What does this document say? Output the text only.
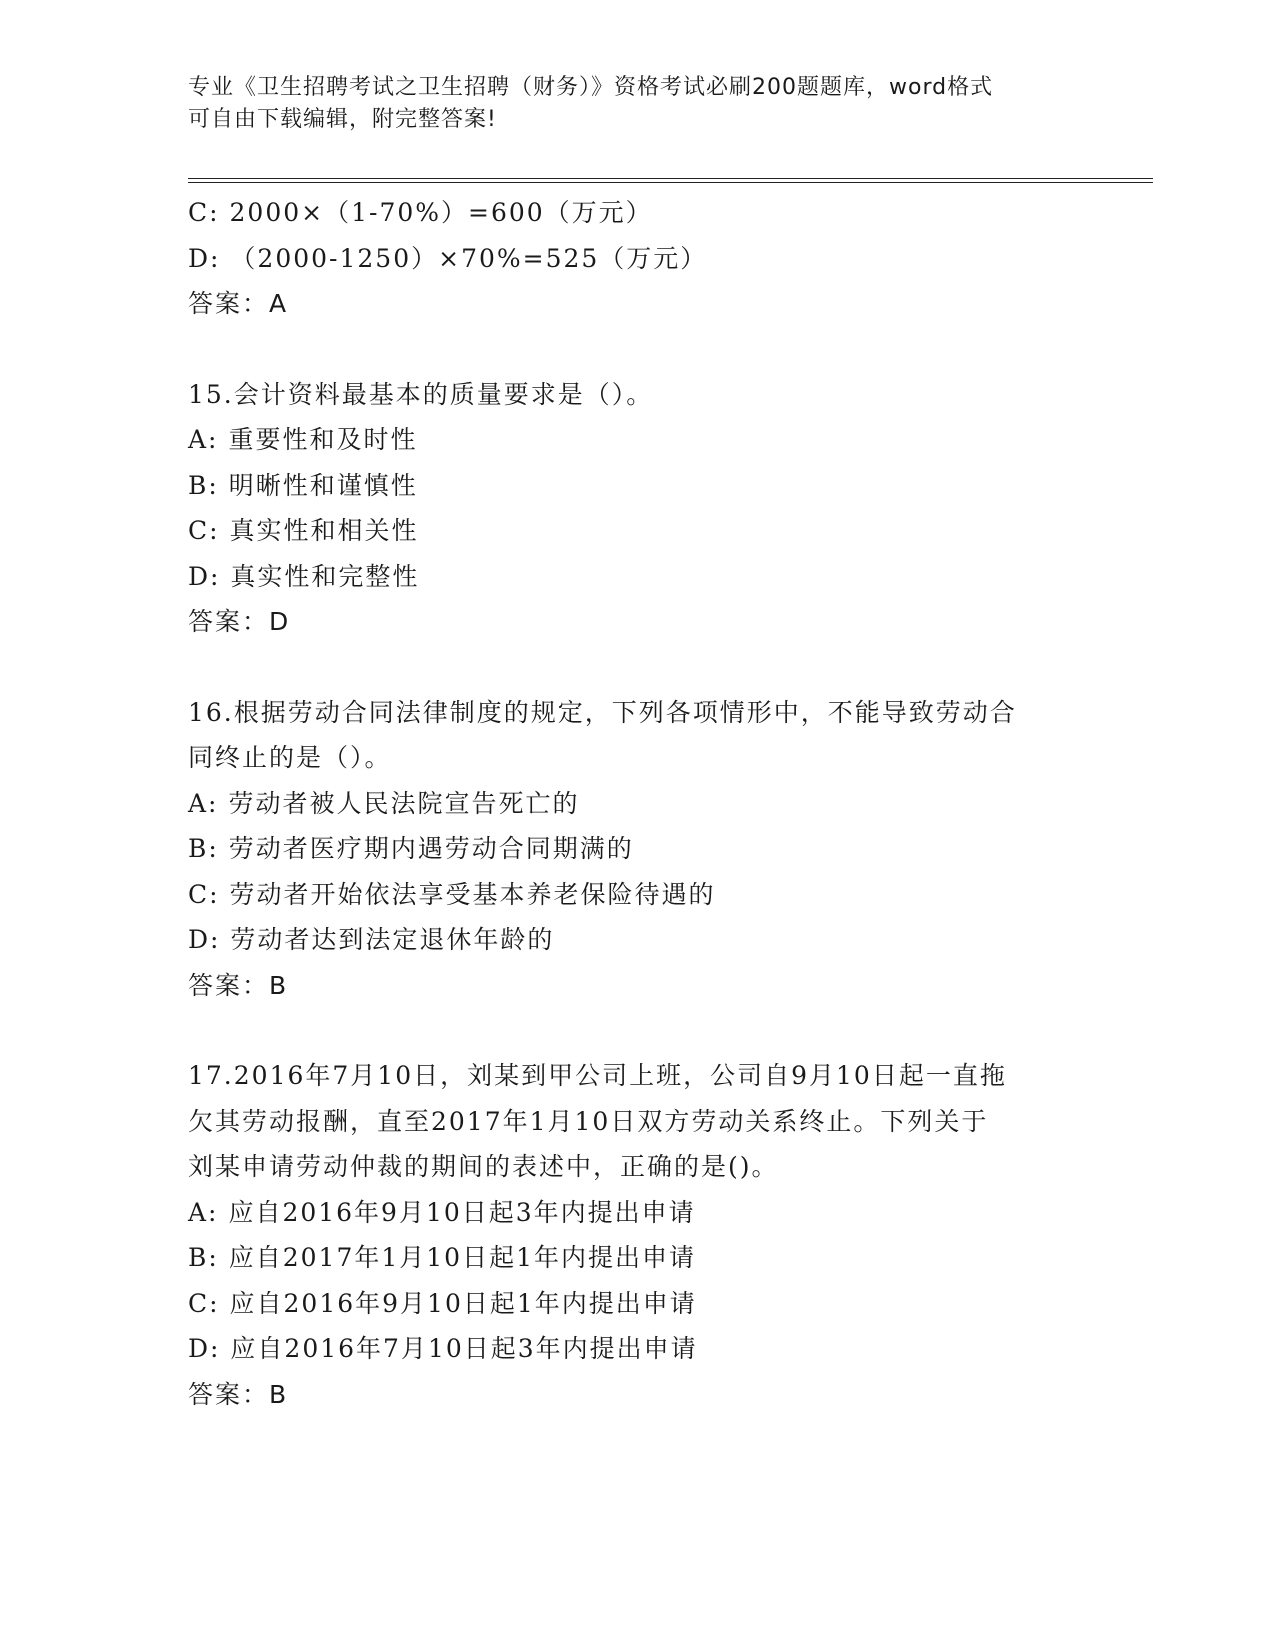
专业《卫生招聘考试之卫生招聘（财务）》资格考试必刷200题题库，word格式
可自由下载编辑，附完整答案!
C: 2000×（1-70%）=600（万元）
D: （2000-1250）×70%=525（万元）
答案：A
15.会计资料最基本的质量要求是（）。
A: 重要性和及时性
B: 明晰性和谨慎性
C: 真实性和相关性
D: 真实性和完整性
答案：D
16.根据劳动合同法律制度的规定，下列各项情形中，不能导致劳动合
同终止的是（）。
A: 劳动者被人民法院宣告死亡的
B: 劳动者医疗期内遇劳动合同期满的
C: 劳动者开始依法享受基本养老保险待遇的
D: 劳动者达到法定退休年龄的
答案：B
17.2016年7月10日，刘某到甲公司上班，公司自9月10日起一直拖
欠其劳动报酬，直至2017年1月10日双方劳动关系终止。下列关于
刘某申请劳动仲裁的期间的表述中，正确的是()。
A: 应自2016年9月10日起3年内提出申请
B: 应自2017年1月10日起1年内提出申请
C: 应自2016年9月10日起1年内提出申请
D: 应自2016年7月10日起3年内提出申请
答案：B
